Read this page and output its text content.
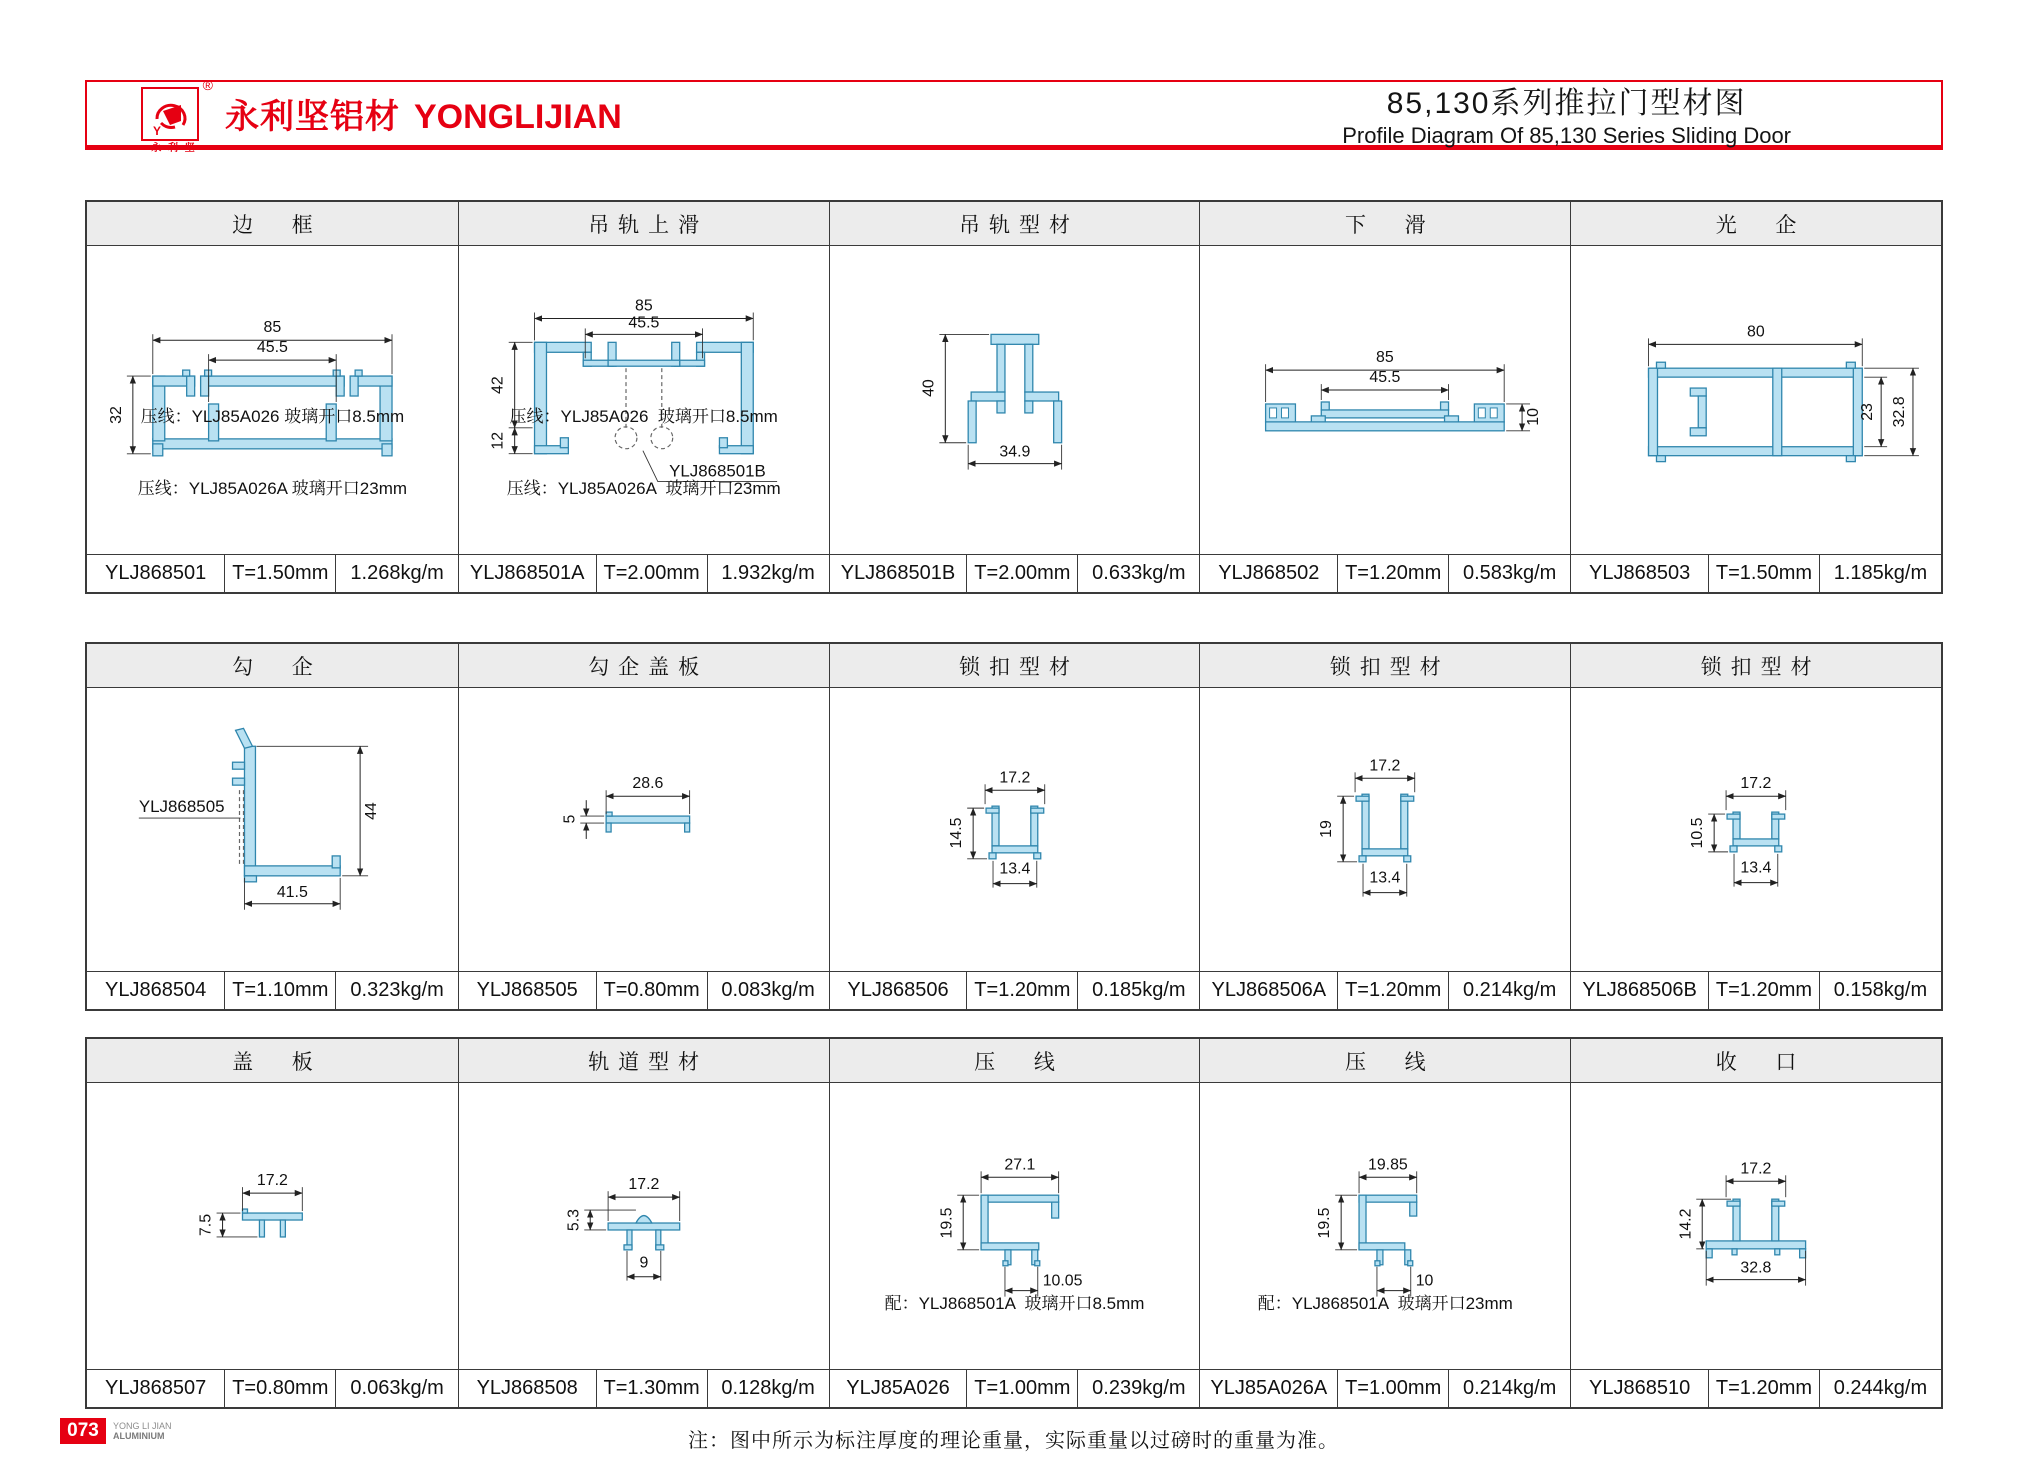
Y
®
永 利 坚
永利坚铝材 YONGLIJIAN	85,130系列推拉门型材图
Profile Diagram Of 85,130 Series Sliding Door
边  框
85
45.5
32

压线：YLJ85A026 玻璃开口8.5mm

压线：YLJ85A026A 玻璃开口23mm

YLJ868501	T=1.50mm	1.268kg/m
吊轨上滑
YLJ868501B
85
45.5
42
12

压线：YLJ85A026  玻璃开口8.5mm

压线：YLJ85A026A  玻璃开口23mm

YLJ868501A T=2.00mm	1.932kg/m
吊轨型材
40
34.9
YLJ868501B T=2.00mm	0.633kg/m
下  滑
85
45.5
10
YLJ868502	T=1.20mm	0.583kg/m
光  企
80
23 32.8
YLJ868503	T=1.50mm	1.185kg/m
勾  企
YLJ868505	44
41.5
YLJ868504	T=1.10mm	0.323kg/m
勾企盖板
28.6
5
YLJ868505	T=0.80mm	0.083kg/m
锁扣型材
17.2
14.5
13.4
YLJ868506	T=1.20mm	0.185kg/m
锁扣型材
17.2
19
13.4
YLJ868506A T=1.20mm	0.214kg/m
锁扣型材
17.2
10.5
13.4
YLJ868506B T=1.20mm	0.158kg/m
盖  板
17.2
7.5
YLJ868507	T=0.80mm	0.063kg/m
轨道型材
17.2
5.3
9
YLJ868508	T=1.30mm	0.128kg/m
压  线
27.1
19.5
10.05

配：YLJ868501A  玻璃开口8.5mm

YLJ85A026	T=1.00mm	0.239kg/m
压  线
19.85
19.5
10

配：YLJ868501A  玻璃开口23mm

YLJ85A026A T=1.00mm	0.214kg/m
收  口
17.2
14.2
32.8
YLJ868510	T=1.20mm	0.244kg/m
073	YONG LI JIAN
ALUMINIUM	注：图中所示为标注厚度的理论重量，实际重量以过磅时的重量为准。
